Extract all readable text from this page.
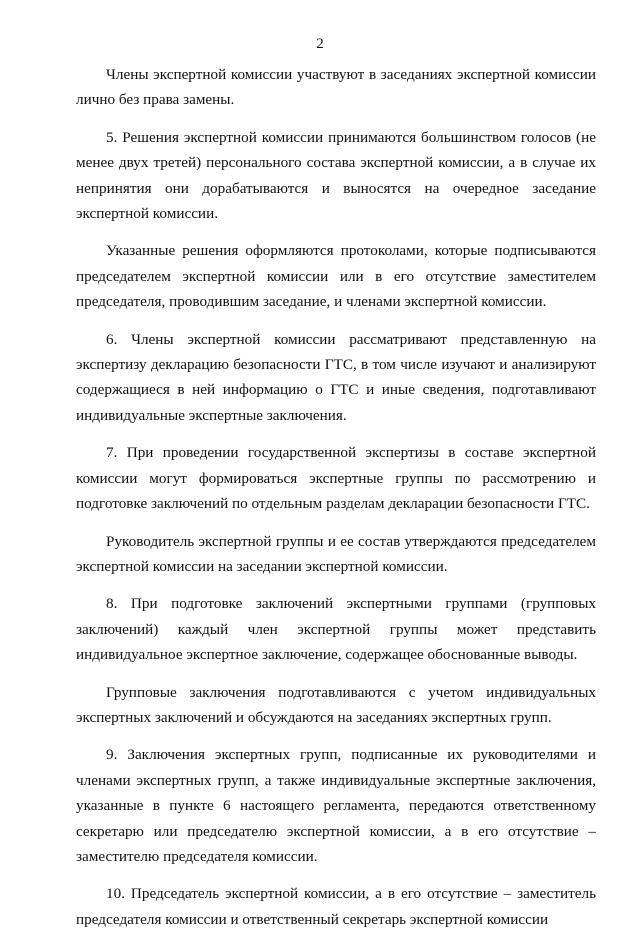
2

Члены экспертной комиссии участвуют в заседаниях экспертной комиссии лично без права замены.

5. Решения экспертной комиссии принимаются большинством голосов (не менее двух третей) персонального состава экспертной комиссии, а в случае их непринятия они дорабатываются и выносятся на очередное заседание экспертной комиссии.

Указанные решения оформляются протоколами, которые подписываются председателем экспертной комиссии или в его отсутствие заместителем председателя, проводившим заседание, и членами экспертной комиссии.

6. Члены экспертной комиссии рассматривают представленную на экспертизу декларацию безопасности ГТС, в том числе изучают и анализируют содержащиеся в ней информацию о ГТС и иные сведения, подготавливают индивидуальные экспертные заключения.

7. При проведении государственной экспертизы в составе экспертной комиссии могут формироваться экспертные группы по рассмотрению и подготовке заключений по отдельным разделам декларации безопасности ГТС.

Руководитель экспертной группы и ее состав утверждаются председателем экспертной комиссии на заседании экспертной комиссии.

8. При подготовке заключений экспертными группами (групповых заключений) каждый член экспертной группы может представить индивидуальное экспертное заключение, содержащее обоснованные выводы.

Групповые заключения подготавливаются с учетом индивидуальных экспертных заключений и обсуждаются на заседаниях экспертных групп.

9. Заключения экспертных групп, подписанные их руководителями и членами экспертных групп, а также индивидуальные экспертные заключения, указанные в пункте 6 настоящего регламента, передаются ответственному секретарю или председателю экспертной комиссии, а в его отсутствие – заместителю председателя комиссии.

10. Председатель экспертной комиссии, а в его отсутствие – заместитель председателя комиссии и ответственный секретарь экспертной комиссии
